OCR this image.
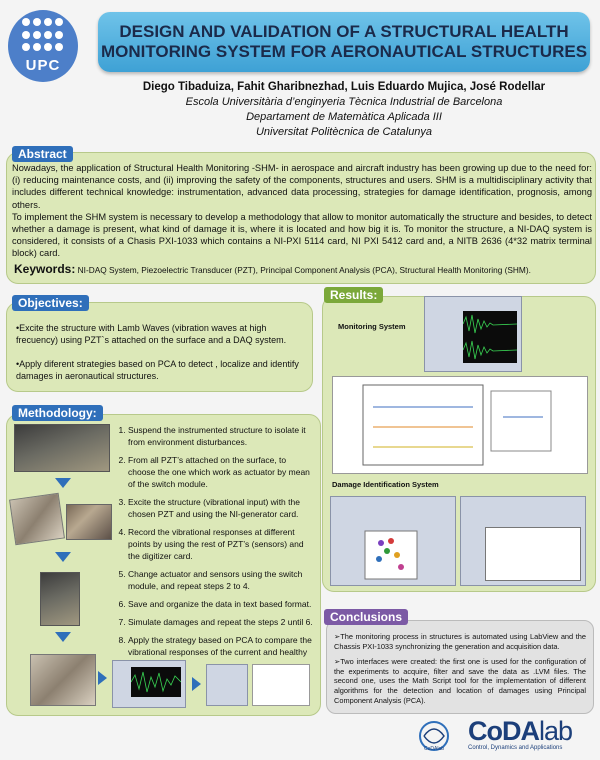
UPC
DESIGN AND VALIDATION OF A STRUCTURAL HEALTH
MONITORING SYSTEM FOR AERONAUTICAL STRUCTURES
Diego Tibaduiza, Fahit Gharibnezhad, Luis Eduardo Mujica, José Rodellar
Escola Universitària d’enginyeria Tècnica Industrial de Barcelona
Departament de Matemàtica Aplicada III
Universitat Politècnica de Catalunya
Abstract

Nowadays, the application of Structural Health Monitoring -SHM- in aerospace and aircraft industry has been growing up due to the need for: (i) reducing maintenance costs, and (ii) improving the safety of the components, structures and users. SHM is a multidisciplinary activity that includes different technical knowledge: instrumentation, advanced data processing, strategies for damage identification, prognosis, among others.

To implement the SHM system is necessary to develop a methodology that allow to monitor automatically the structure and besides, to detect whether a damage is present, what kind of damage it is, where it is located and how big it is. To monitor the structure, a NI-DAQ system is considered, it consists of a Chasis PXI-1033 which contains a NI-PXI 5114 card, NI PXI 5412 card and, a NITB 2636 (4*32 matrix terminal block) card.

Keywords: NI-DAQ System, Piezoelectric Transducer (PZT), Principal Component Analysis (PCA), Structural Health Monitoring (SHM).
Objectives:

•Excite the structure with Lamb Waves (vibration waves at high frecuency) using PZT`s attached on the surface and a DAQ system.

•Apply diferent strategies based on PCA to detect , localize and identify damages in aeronautical structures.

Methodology:
1. Suspend the instrumented structure to isolate it from environment disturbances.
2. From all PZT’s attached on the surface, to choose the one which work as actuator by mean of the switch module.
3. Excite the structure (vibrational input) with the chosen PZT and using the NI-generator card.
4. Record the vibrational responses at different points by using the rest of PZT’s (sensors) and the digitizer card.
5. Change actuator and sensors using the switch module, and repeat steps 2 to 4.
6. Save and organize the data in text based format.
7. Simulate damages and repeat the steps 2 until 6.
8. Apply the strategy based on PCA to compare the vibrational responses of the current and healthy
Results:
Monitoring System
Damage Identification System
Conclusions

➢The monitoring process in structures is automated using LabView and the Chassis PXI-1033 synchronizing the generation and acquisition data.

➢Two interfaces were created: the first one is used for the configuration of the experiments to acquire, filter and save the data as .LVM files. The second one, uses the Math Script tool for the implementation of different algorithms for the detection and location of damages using Principal Component Analysis (PCA).

CoDAlab
CoDAlab
Control, Dynamics and Applications
